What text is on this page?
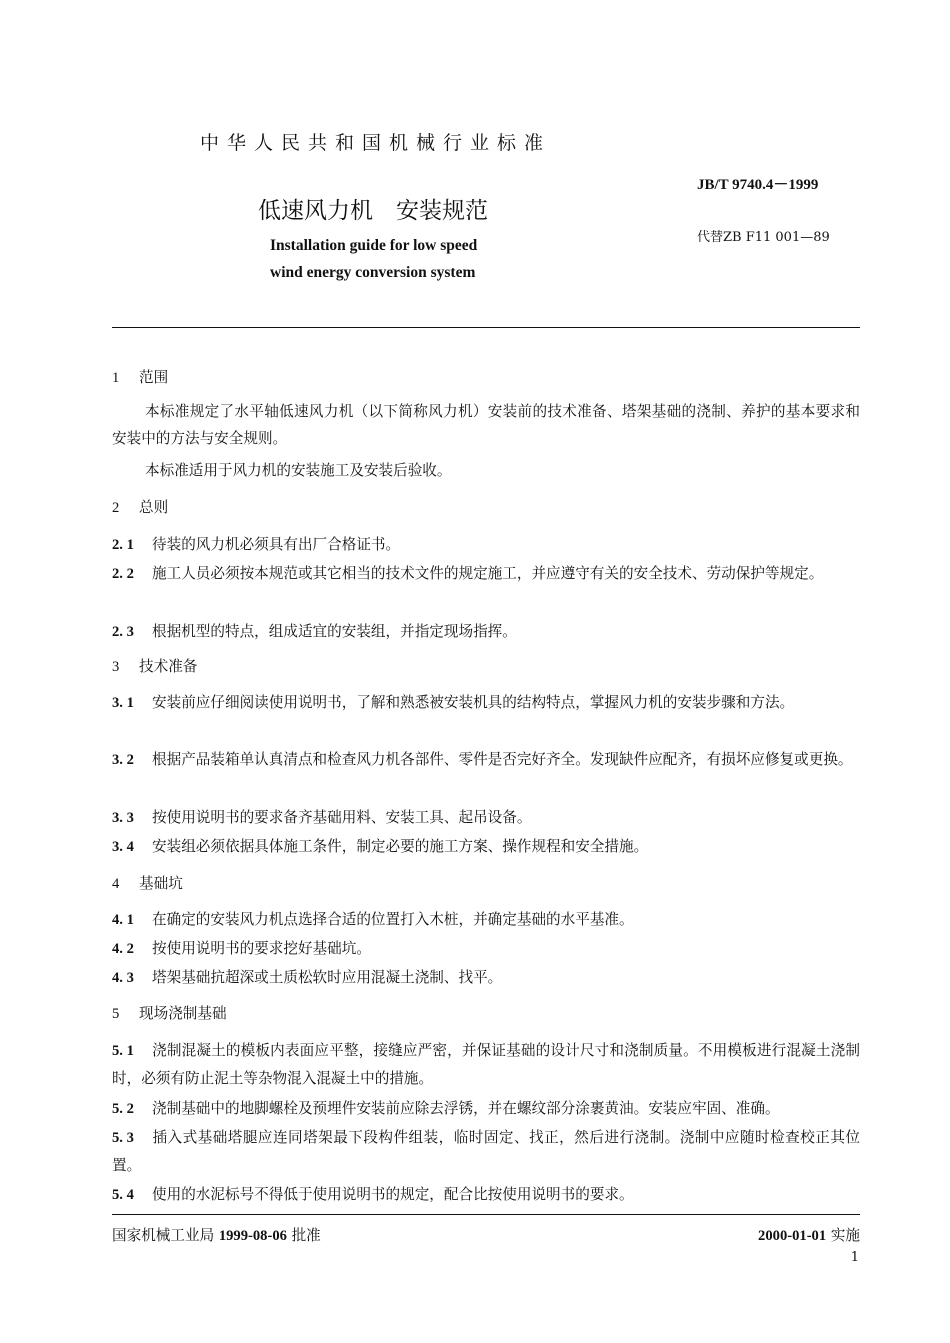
中华人民共和国机械行业标准
JB/T 9740.4－1999
低速风力机　安装规范
代替ZB F11 001—89
Installation guide for low speed
wind energy conversion system
1 范围
本标准规定了水平轴低速风力机（以下简称风力机）安装前的技术准备、塔架基础的浇制、养护的基本要求和安装中的方法与安全规则。
本标准适用于风力机的安装施工及安装后验收。
2 总则
2. 1 待装的风力机必须具有出厂合格证书。
2. 2 施工人员必须按本规范或其它相当的技术文件的规定施工，并应遵守有关的安全技术、劳动保护等规定。
2. 3 根据机型的特点，组成适宜的安装组，并指定现场指挥。
3 技术准备
3. 1 安装前应仔细阅读使用说明书，了解和熟悉被安装机具的结构特点，掌握风力机的安装步骤和方法。
3. 2 根据产品装箱单认真清点和检查风力机各部件、零件是否完好齐全。发现缺件应配齐，有损坏应修复或更换。
3. 3 按使用说明书的要求备齐基础用料、安装工具、起吊设备。
3. 4 安装组必须依据具体施工条件，制定必要的施工方案、操作规程和安全措施。
4 基础坑
4. 1 在确定的安装风力机点选择合适的位置打入木桩，并确定基础的水平基准。
4. 2 按使用说明书的要求挖好基础坑。
4. 3 塔架基础抗超深或土质松软时应用混凝土浇制、找平。
5 现场浇制基础
5. 1 浇制混凝土的模板内表面应平整，接缝应严密，并保证基础的设计尺寸和浇制质量。不用模板进行混凝土浇制时，必须有防止泥土等杂物混入混凝土中的措施。
5. 2 浇制基础中的地脚螺栓及预埋件安装前应除去浮锈，并在螺纹部分涂裹黄油。安装应牢固、准确。
5. 3 插入式基础塔腿应连同塔架最下段构件组装，临时固定、找正，然后进行浇制。浇制中应随时检查校正其位置。
5. 4 使用的水泥标号不得低于使用说明书的规定，配合比按使用说明书的要求。
国家机械工业局 1999-08-06 批准	2000-01-01 实施
1
